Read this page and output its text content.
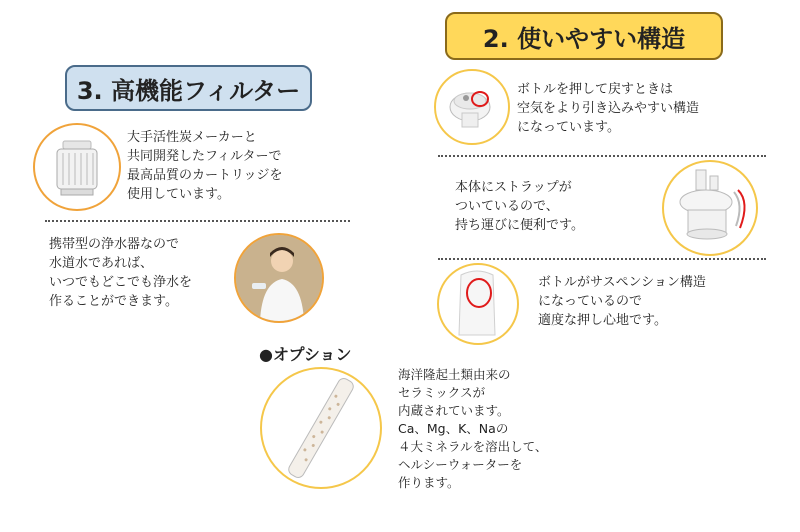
2. 使いやすい構造
3. 高機能フィルター
大手活性炭メーカーと
共同開発したフィルターで
最高品質のカートリッジを
使用しています。
携帯型の浄水器なので
水道水であれば、
いつでもどこでも浄水を
作ることができます。
●オプション
海洋隆起土類由来の
セラミックスが
内蔵されています。
Ca、Mg、K、Naの
４大ミネラルを溶出して、
ヘルシーウォーターを
作ります。
ボトルを押して戻すときは
空気をより引き込みやすい構造
になっています。
本体にストラップが
ついているので、
持ち運びに便利です。
ボトルがサスペンション構造
になっているので
適度な押し心地です。
